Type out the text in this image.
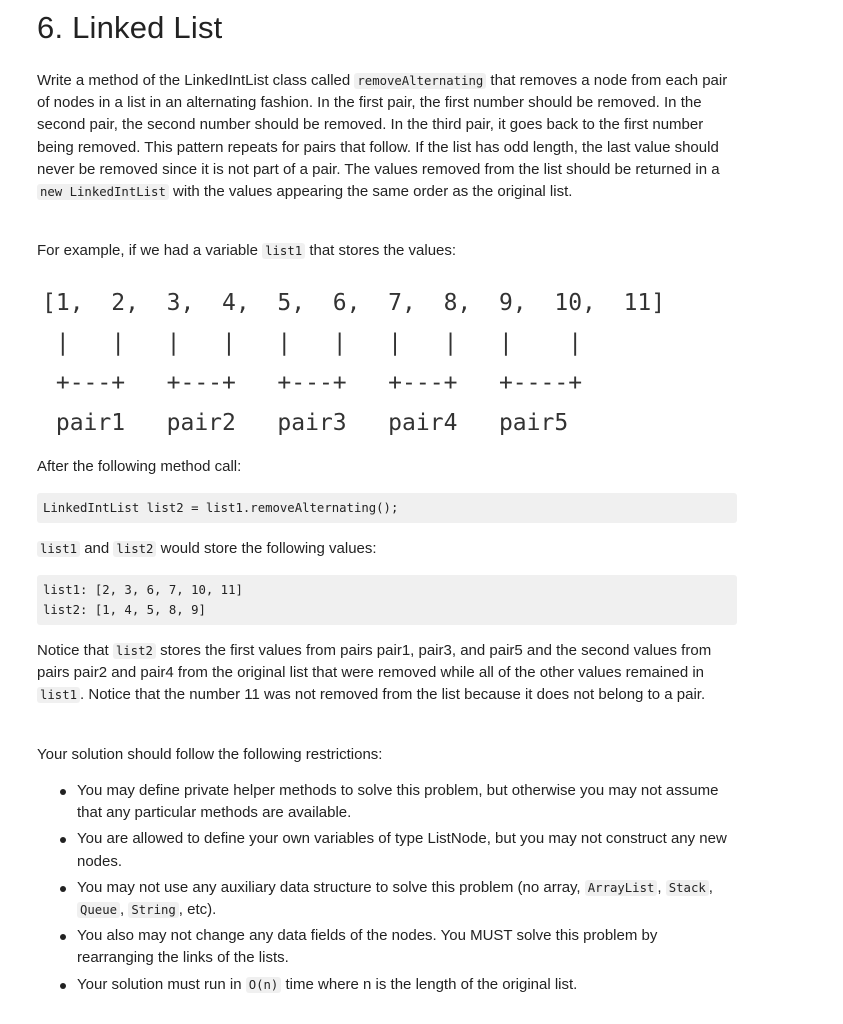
6. Linked List

Write a method of the LinkedIntList class called removeAlternating that removes a node from each pair of nodes in a list in an alternating fashion. In the first pair, the first number should be removed. In the second pair, the second number should be removed. In the third pair, it goes back to the first number being removed. This pattern repeats for pairs that follow. If the list has odd length, the last value should never be removed since it is not part of a pair. The values removed from the list should be returned in a new LinkedIntList with the values appearing the same order as the original list.

For example, if we had a variable list1 that stores the values:

[1,  2,  3,  4,  5,  6,  7,  8,  9,  10,  11]
|   |   |   |   |   |   |   |   |    |
+---+   +---+   +---+   +---+   +----+
pair1   pair2   pair3   pair4   pair5

After the following method call:

LinkedIntList list2 = list1.removeAlternating();

list1 and list2 would store the following values:

list1: [2, 3, 6, 7, 10, 11]
list2: [1, 4, 5, 8, 9]

Notice that list2 stores the first values from pairs pair1, pair3, and pair5 and the second values from pairs pair2 and pair4 from the original list that were removed while all of the other values remained in list1 . Notice that the number 11 was not removed from the list because it does not belong to a pair.

Your solution should follow the following restrictions:

You may define private helper methods to solve this problem, but otherwise you may not assume that any particular methods are available.
You are allowed to define your own variables of type ListNode, but you may not construct any new nodes.
You may not use any auxiliary data structure to solve this problem (no array, ArrayList , Stack , Queue , String , etc).
You also may not change any data fields of the nodes. You MUST solve this problem by rearranging the links of the lists.
Your solution must run in O(n) time where n is the length of the original list.
